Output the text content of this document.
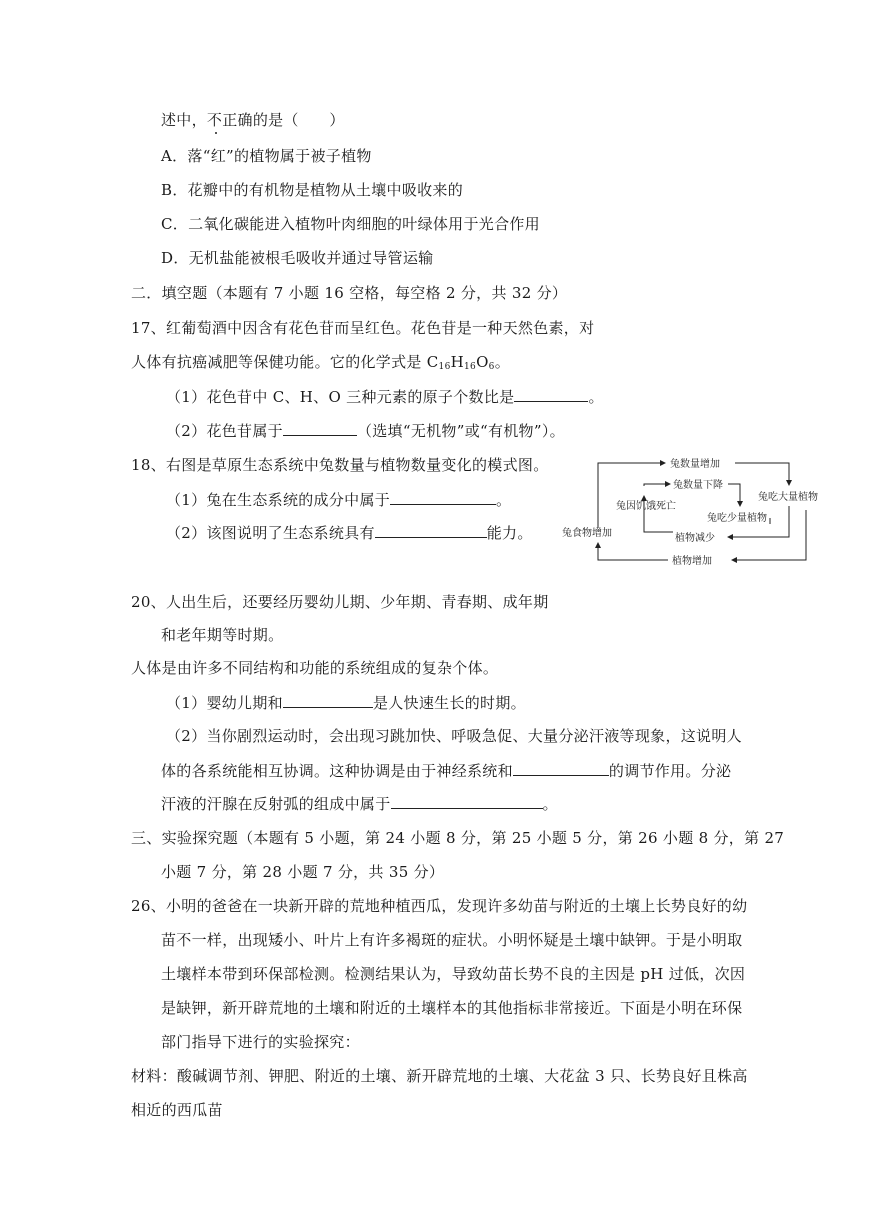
述中，不正确的是（　　）
A．落“红”的植物属于被子植物
B．花瓣中的有机物是植物从土壤中吸收来的
C．二氧化碳能进入植物叶肉细胞的叶绿体用于光合作用
D．无机盐能被根毛吸收并通过导管运输
二．填空题（本题有 7 小题 16 空格，每空格 2 分，共 32 分）
17、红葡萄酒中因含有花色苷而呈红色。花色苷是一种天然色素，对
人体有抗癌减肥等保健功能。它的化学式是 $C_{16}H_{16}O_6$。
（1）花色苷中 C、H、O 三种元素的原子个数比是	。
（2）花色苷属于	（选填“无机物”或“有机物”）。
18、右图是草原生态系统中兔数量与植物数量变化的模式图。
（1）兔在生态系统的成分中属于	。
（2）该图说明了生态系统具有	能力。
兔数量增加
兔数量下降
兔吃大量植物
兔因饥饿死亡
兔吃少量植物
兔食物增加	植物减少
植物增加
20、人出生后，还要经历婴幼儿期、少年期、青春期、成年期
和老年期等时期。
人体是由许多不同结构和功能的系统组成的复杂个体。
（1）婴幼儿期和	是人快速生长的时期。
（2）当你剧烈运动时，会出现习跳加快、呼吸急促、大量分泌汗液等现象，这说明人
体的各系统能相互协调。这种协调是由于神经系统和	的调节作用。分泌
汗液的汗腺在反射弧的组成中属于	。
三、实验探究题（本题有 5 小题，第 24 小题 8 分，第 25 小题 5 分，第 26 小题 8 分，第 27
小题 7 分，第 28 小题 7 分，共 35 分）
26、小明的爸爸在一块新开辟的荒地种植西瓜，发现许多幼苗与附近的土壤上长势良好的幼
苗不一样，出现矮小、叶片上有许多褐斑的症状。小明怀疑是土壤中缺钾。于是小明取
土壤样本带到环保部检测。检测结果认为，导致幼苗长势不良的主因是 pH 过低，次因
是缺钾，新开辟荒地的土壤和附近的土壤样本的其他指标非常接近。下面是小明在环保
部门指导下进行的实验探究：
材料：酸碱调节剂、钾肥、附近的土壤、新开辟荒地的土壤、大花盆 3 只、长势良好且株高
相近的西瓜苗
